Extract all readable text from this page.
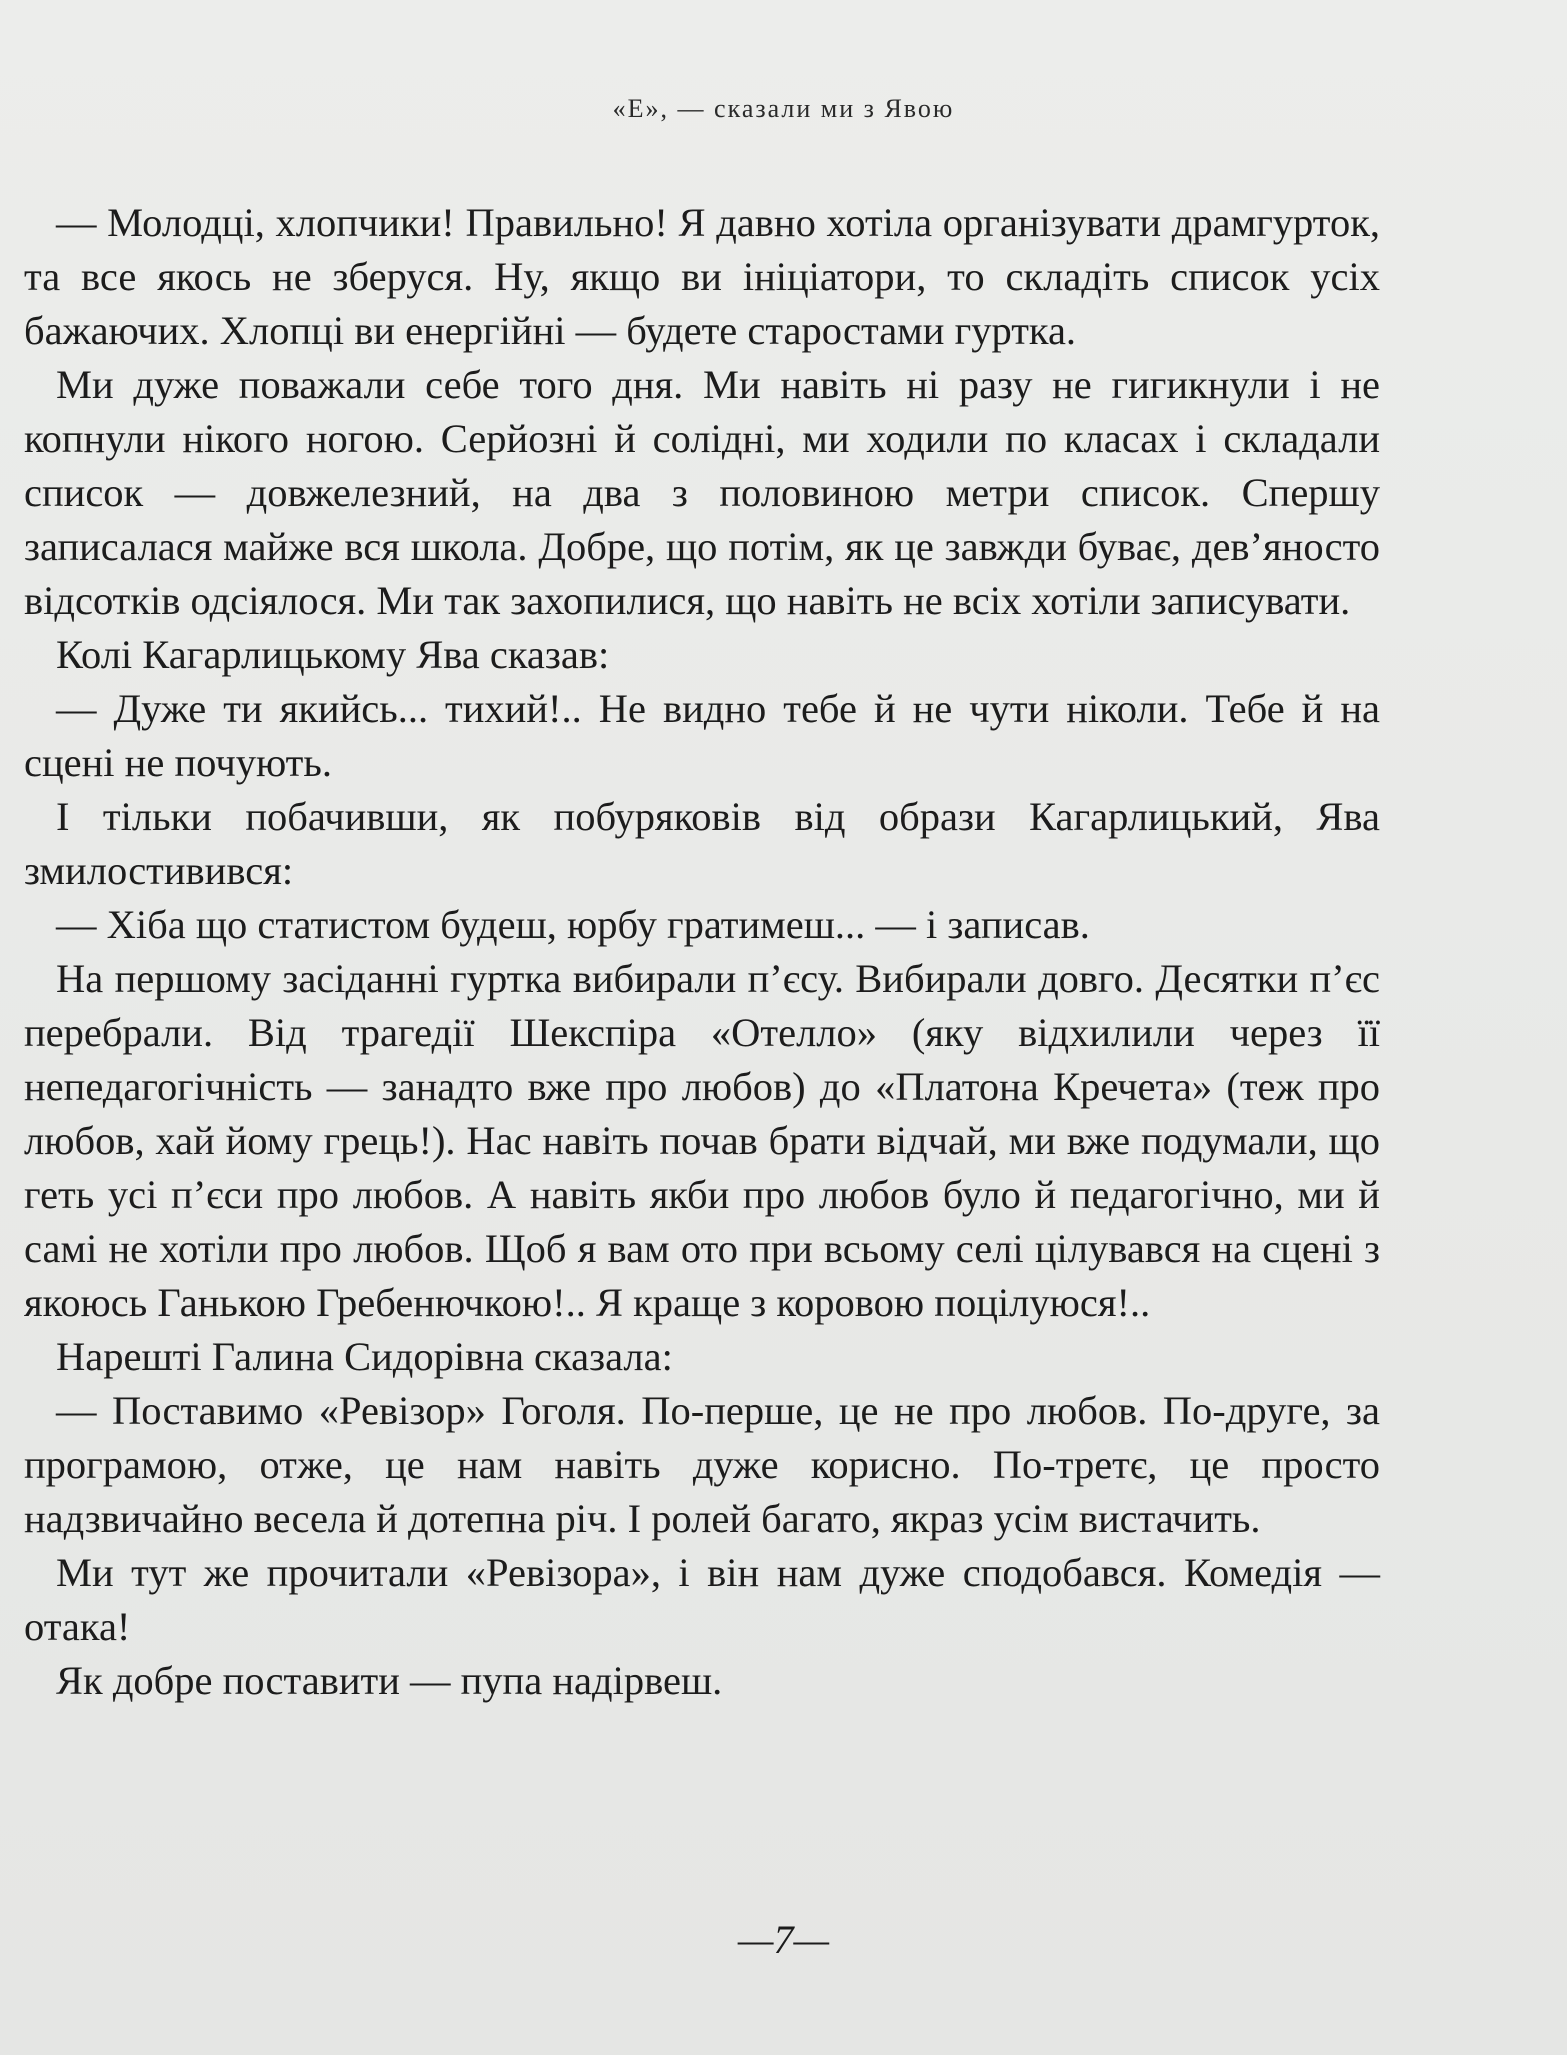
«Е», — сказали ми з Явою

— Молодці, хлопчики! Правильно! Я давно хотіла організувати драмгурток, та все якось не зберуся. Ну, якщо ви ініціатори, то складіть список усіх бажаючих. Хлопці ви енергійні — будете старостами гуртка.

Ми дуже поважали себе того дня. Ми навіть ні разу не гигикнули і не копнули нікого ногою. Серйозні й солідні, ми ходили по класах і складали список — довжелезний, на два з половиною метри список. Спершу записалася майже вся школа. Добре, що потім, як це завжди буває, дев’яносто відсотків одсіялося. Ми так захопилися, що навіть не всіх хотіли записувати.

Колі Кагарлицькому Ява сказав:

— Дуже ти якийсь... тихий!.. Не видно тебе й не чути ніколи. Тебе й на сцені не почують.

І тільки побачивши, як побуряковів від образи Кагарлицький, Ява змилостивився:

— Хіба що статистом будеш, юрбу гратимеш... — і записав.

На першому засіданні гуртка вибирали п’єсу. Вибирали довго. Десятки п’єс перебрали. Від трагедії Шекспіра «Отелло» (яку відхилили через її непедагогічність — занадто вже про любов) до «Платона Кречета» (теж про любов, хай йому грець!). Нас навіть почав брати відчай, ми вже подумали, що геть усі п’єси про любов. А навіть якби про любов було й педагогічно, ми й самі не хотіли про любов. Щоб я вам ото при всьому селі цілувався на сцені з якоюсь Ганькою Гребенючкою!.. Я краще з коровою поцілуюся!..

Нарешті Галина Сидорівна сказала:

— Поставимо «Ревізор» Гоголя. По-перше, це не про любов. По-друге, за програмою, отже, це нам навіть дуже корисно. По-третє, це просто надзвичайно весела й дотепна річ. І ролей багато, якраз усім вистачить.

Ми тут же прочитали «Ревізора», і він нам дуже сподобався. Комедія — отака!

Як добре поставити — пупа надірвеш.

—7—
